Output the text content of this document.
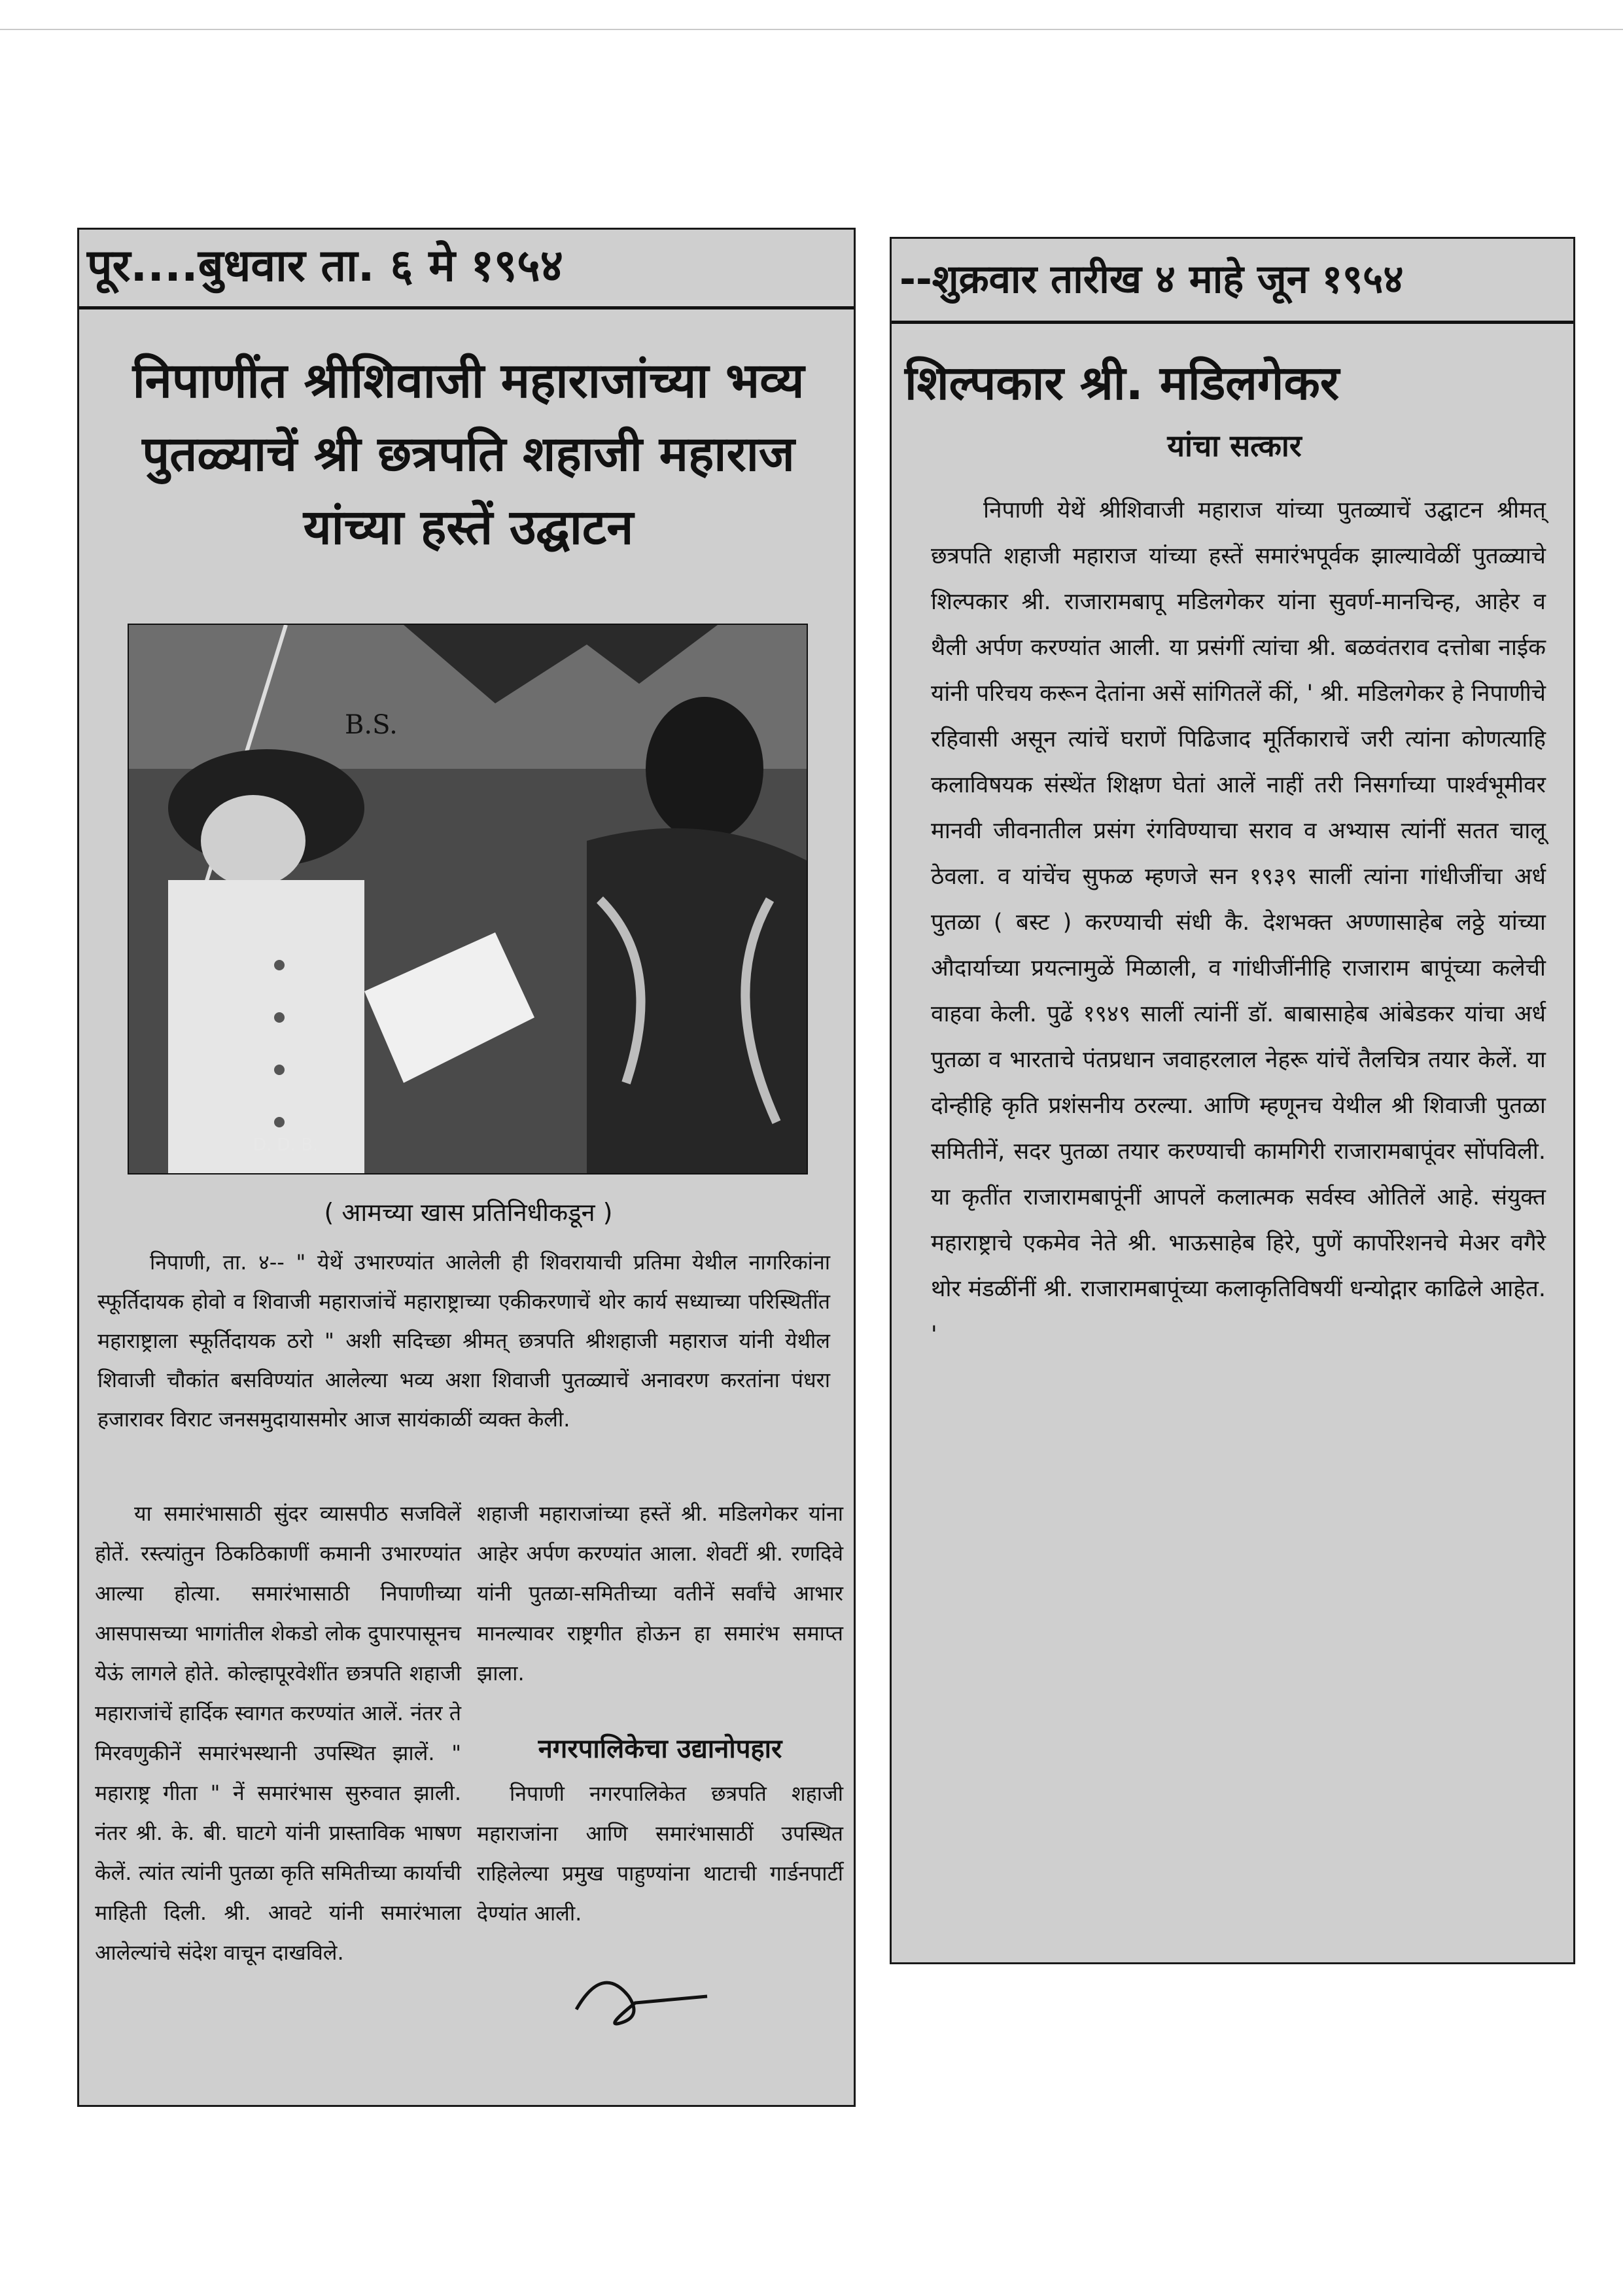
पूर....बुधवार ता. ६ मे १९५४
निपाणींत श्रीशिवाजी महाराजांच्या भव्य पुतळ्याचें श्री छत्रपति शहाजी महाराज यांच्या हस्तें उद्घाटन
B.S.
D. D. B.
( आमच्या खास प्रतिनिधीकडून )
निपाणी, ता. ४-- " येथें उभारण्यांत आलेली ही शिवरायाची प्रतिमा येथील नागरिकांना स्फूर्तिदायक होवो व शिवाजी महाराजांचें महाराष्ट्राच्या एकीकरणाचें थोर कार्य सध्याच्या परिस्थितींत महाराष्ट्राला स्फूर्तिदायक ठरो " अशी सदिच्छा श्रीमत् छत्रपति श्रीशहाजी महाराज यांनी येथील शिवाजी चौकांत बसविण्यांत आलेल्या भव्य अशा शिवाजी पुतळ्याचें अनावरण करतांना पंधरा हजारावर विराट जनसमुदायासमोर आज सायंकाळीं व्यक्त केली.
या समारंभासाठी सुंदर व्यासपीठ सजविलें होतें. रस्त्यांतुन ठिकठिकाणीं कमानी उभारण्यांत आल्या होत्या. समारंभासाठी निपाणीच्या आसपासच्या भागांतील शेकडो लोक दुपारपासूनच येऊं लागले होते. कोल्हापूरवेशींत छत्रपति शहाजी महाराजांचें हार्दिक स्वागत करण्यांत आलें. नंतर ते मिरवणुकीनें समारंभस्थानी उपस्थित झालें. " महाराष्ट्र गीता " नें समारंभास सुरुवात झाली. नंतर श्री. के. बी. घाटगे यांनी प्रास्ताविक भाषण केलें. त्यांत त्यांनी पुतळा कृति समितीच्या कार्याची माहिती दिली. श्री. आवटे यांनी समारंभाला आलेल्यांचे संदेश वाचून दाखविले.
शहाजी महाराजांच्या हस्तें श्री. मडिलगेकर यांना आहेर अर्पण करण्यांत आला. शेवटीं श्री. रणदिवे यांनी पुतळा-समितीच्या वतीनें सर्वांचे आभार मानल्यावर राष्ट्रगीत होऊन हा समारंभ समाप्त झाला.
नगरपालिकेचा उद्यानोपहार
निपाणी नगरपालिकेत छत्रपति शहाजी महाराजांना आणि समारंभासाठीं उपस्थित राहिलेल्या प्रमुख पाहुण्यांना थाटाची गार्डनपार्टी देण्यांत आली.
--शुक्रवार तारीख ४ माहे जून १९५४
शिल्पकार श्री. मडिलगेकर
यांचा सत्कार
निपाणी येथें श्रीशिवाजी महाराज यांच्या पुतळ्याचें उद्घाटन श्रीमत् छत्रपति शहाजी महाराज यांच्या हस्तें समारंभपूर्वक झाल्यावेळीं पुतळ्याचे शिल्पकार श्री. राजारामबापू मडिलगेकर यांना सुवर्ण-मानचिन्ह, आहेर व थैली अर्पण करण्यांत आली. या प्रसंगीं त्यांचा श्री. बळवंतराव दत्तोबा नाईक यांनी परिचय करून देतांना असें सांगितलें कीं, ' श्री. मडिलगेकर हे निपाणीचे रहिवासी असून त्यांचें घराणें पिढिजाद मूर्तिकाराचें जरी त्यांना कोणत्याहि कलाविषयक संस्थेंत शिक्षण घेतां आलें नाहीं तरी निसर्गाच्या पार्श्वभूमीवर मानवी जीवनातील प्रसंग रंगविण्याचा सराव व अभ्यास त्यांनीं सतत चालू ठेवला. व यांचेंच सुफळ म्हणजे सन १९३९ सालीं त्यांना गांधीजींचा अर्ध पुतळा ( बस्ट ) करण्याची संधी कै. देशभक्त अण्णासाहेब लठ्ठे यांच्या औदार्याच्या प्रयत्नामुळें मिळाली, व गांधीजींनीहि राजाराम बापूंच्या कलेची वाहवा केली. पुढें १९४९ सालीं त्यांनीं डॉ. बाबासाहेब आंबेडकर यांचा अर्ध पुतळा व भारताचे पंतप्रधान जवाहरलाल नेहरू यांचें तैलचित्र तयार केलें. या दोन्हीहि कृति प्रशंसनीय ठरल्या. आणि म्हणूनच येथील श्री शिवाजी पुतळा समितीनें, सदर पुतळा तयार करण्याची कामगिरी राजारामबापूंवर सोंपविली. या कृतींत राजारामबापूंनीं आपलें कलात्मक सर्वस्व ओतिलें आहे. संयुक्त महाराष्ट्राचे एकमेव नेते श्री. भाऊसाहेब हिरे, पुणें कार्पोरेशनचे मेअर वगैरे थोर मंडळींनीं श्री. राजारामबापूंच्या कलाकृतिविषयीं धन्योद्गार काढिले आहेत. '
